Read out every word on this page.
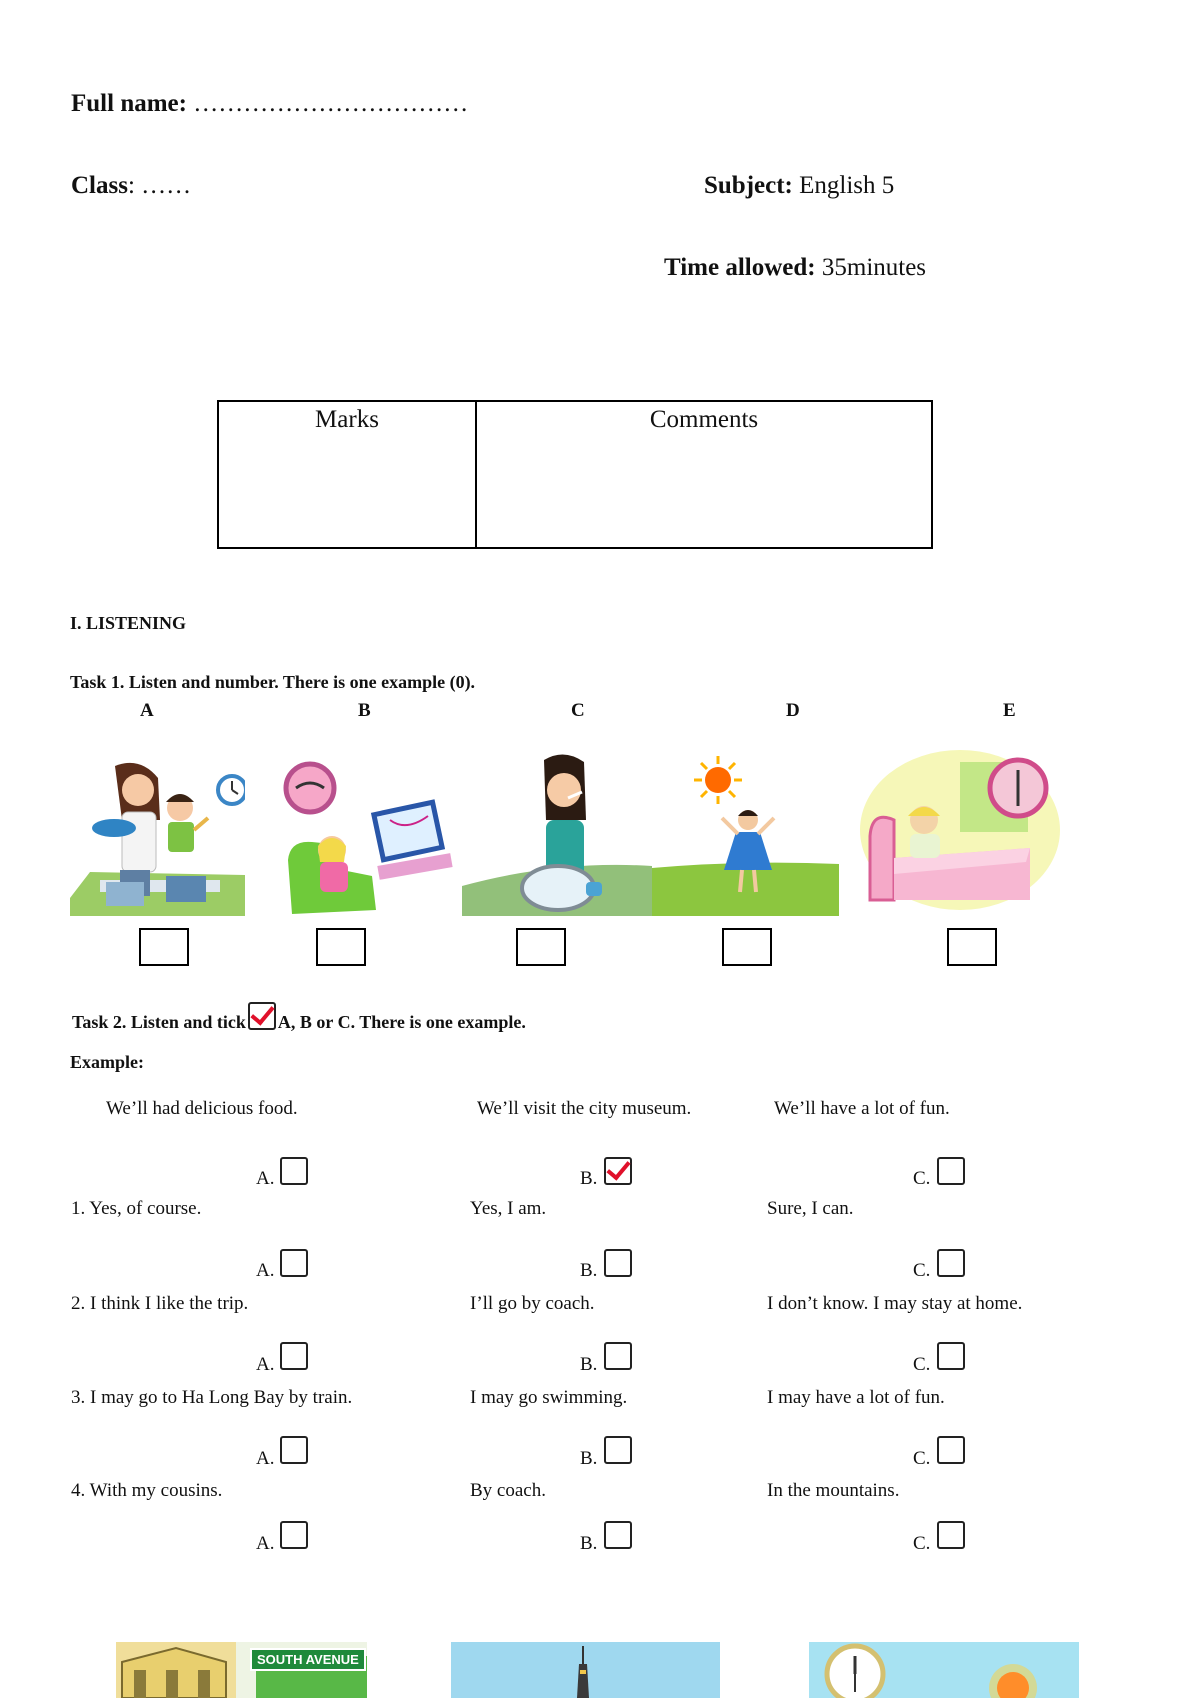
Full name: ……………………………
Class: ……	Subject: English 5
Time allowed: 35minutes
Marks	Comments
I. LISTENING
Task 1. Listen and number. There is one example (0).
A	B	C	D	E
Task 2. Listen and tick A, B or C. There is one example.
Example:
We’ll had delicious food.	We’ll visit the city museum.	We’ll have a lot of fun.
A.	B.	C.
1. Yes, of course.	Yes, I am.	Sure, I can.
A.	B.	C.
2. I think I like the trip.	I’ll go by coach.	I don’t know. I may stay at home.
A.	B.	C.
3. I may go to Ha Long Bay by train.	I may go swimming.	I may have a lot of fun.
A.	B.	C.
4. With my cousins.	By coach.	In the mountains.
A.	B.	C.
SOUTH AVENUE
